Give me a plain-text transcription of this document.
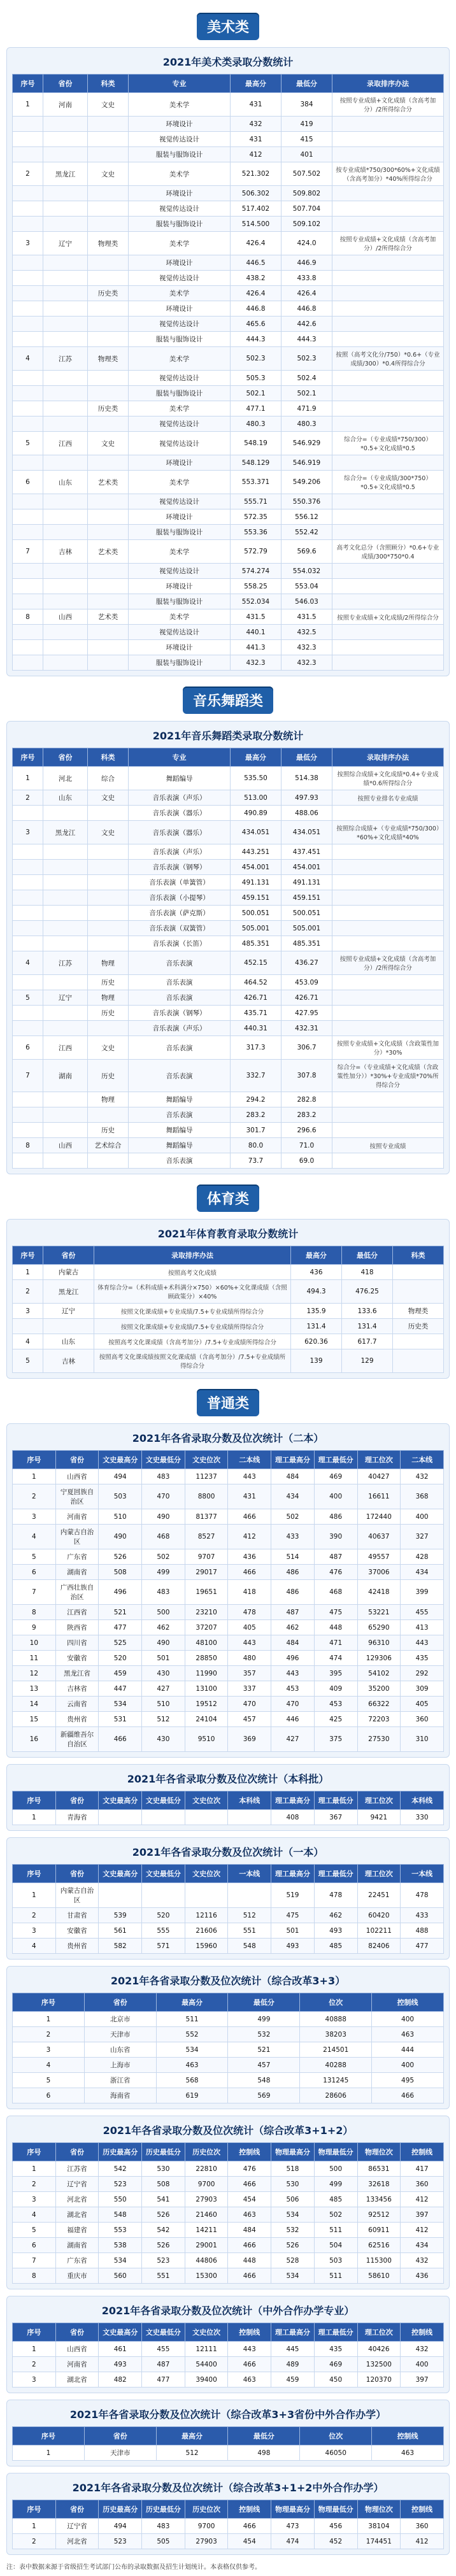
美术类
2021年美术类录取分数统计
序号	省份	科类	专业	最高分	最低分	录取排序办法
1	河南	文史	美术学	431	384	按照专业成绩+文化成绩（含高考加分）/2所得综合分
			环境设计	432	419	
			视觉传达设计	431	415	
			服装与服饰设计	412	401	
2	黑龙江	文史	美术学	521.302	507.502	按专业成绩*750/300*60%+文化成绩（含高考加分）*40%所得综合分
			环境设计	506.302	509.802	
			视觉传达设计	517.402	507.704	
			服装与服饰设计	514.500	509.102	
3	辽宁	物理类	美术学	426.4	424.0	按照专业成绩+文化成绩（含高考加分）/2所得综合分
			环境设计	446.5	446.9	
			视觉传达设计	438.2	433.8	
		历史类	美术学	426.4	426.4	
			环境设计	446.8	446.8	
			视觉传达设计	465.6	442.6	
			服装与服饰设计	444.3	444.3	
4	江苏	物理类	美术学	502.3	502.3	按照（高考文化分/750）*0.6+（专业成绩/300）*0.4所得综合分
			视觉传达设计	505.3	502.4	
			服装与服饰设计	502.1	502.1	
		历史类	美术学	477.1	471.9	
			视觉传达设计	480.3	480.3	
5	江西	文史	视觉传达设计	548.19	546.929	综合分=（专业成绩*750/300）*0.5+文化成绩*0.5
			环境设计	548.129	546.919	
6	山东	艺术类	美术学	553.371	549.206	综合分=（专业成绩/300*750）*0.5+文化成绩*0.5
			视觉传达设计	555.71	550.376	
			环境设计	572.35	556.12	
			服装与服饰设计	553.36	552.42	
7	吉林	艺术类	美术学	572.79	569.6	高考文化总分（含照顾分）*0.6+专业成绩/300*750*0.4
			视觉传达设计	574.274	554.032	
			环境设计	558.25	553.04	
			服装与服饰设计	552.034	546.03	
8	山西	艺术类	美术学	431.5	431.5	按照专业成绩+文化成绩/2所得综合分
			视觉传达设计	440.1	432.5	
			环境设计	441.3	432.3	
			服装与服饰设计	432.3	432.3	
音乐舞蹈类
2021年音乐舞蹈类录取分数统计
序号	省份	科类	专业	最高分	最低分	录取排序办法
1	河北	综合	舞蹈编导	535.50	514.38	按照综合成绩+文化成绩*0.4+专业成绩*0.6所得综合分
2	山东	文史	音乐表演（声乐）	513.00	497.93	按照专业排名专业成绩
			音乐表演（器乐）	490.89	488.06	
3	黑龙江	文史	音乐表演（器乐）	434.051	434.051	按照综合成绩+（专业成绩*750/300）*60%+文化成绩*40%
			音乐表演（声乐）	443.251	437.451	
			音乐表演（钢琴）	454.001	454.001	
			音乐表演（单簧管）	491.131	491.131	
			音乐表演（小提琴）	459.151	459.151	
			音乐表演（萨克斯）	500.051	500.051	
			音乐表演（双簧管）	505.001	505.001	
			音乐表演（长笛）	485.351	485.351	
4	江苏	物理	音乐表演	452.15	436.27	按照专业成绩+文化成绩（含高考加分）/2所得综合分
		历史	音乐表演	464.52	453.09	
5	辽宁	物理	音乐表演	426.71	426.71	
		历史	音乐表演（钢琴）	435.71	427.95	
			音乐表演（声乐）	440.31	432.31	
6	江西	文史	音乐表演	317.3	306.7	按照专业成绩+文化成绩（含政策性加分）*30%
7	湖南	历史	音乐表演	332.7	307.8	综合分=（专业成绩+文化成绩（含政策性加分））*30%+专业成绩*70%所得综合分
		物理	舞蹈编导	294.2	282.8	
			音乐表演	283.2	283.2	
		历史	舞蹈编导	301.7	296.6	
8	山西	艺术综合	舞蹈编导	80.0	71.0	按照专业成绩
			音乐表演	73.7	69.0	
体育类
2021年体育教育录取分数统计
序号	省份	录取排序办法	最高分	最低分	科类
1	内蒙古	按照高考文化成绩	436	418	
2	黑龙江	体育综合分=（术科成绩+术科满分×750）×60%+文化课成绩（含照顾政策分）×40%	494.3	476.25	
3	辽宁	按照文化课成绩+专业成绩/7.5+专业成绩所得综合分	135.9	133.6	物理类
		按照文化课成绩+专业成绩/7.5+专业成绩所得综合分	131.4	131.4	历史类
4	山东	按照高考文化课成绩（含高考加分）/7.5+专业成绩所得综合分	620.36	617.7	
5	吉林	按照高考文化课成绩按照文化课成绩（含高考加分）/7.5+专业成绩所得综合分	139	129	
普通类
2021年各省录取分数及位次统计（二本）
序号	省份	文史最高分	文史最低分	文史位次	二本线	理工最高分	理工最低分	理工位次	二本线
1	山西省	494	483	11237	443	484	469	40427	432
2	宁夏回族自治区	503	470	8800	431	434	400	16611	368
3	河南省	510	490	81377	466	502	486	172440	400
4	内蒙古自治区	490	468	8527	412	433	390	40637	327
5	广东省	526	502	9707	436	514	487	49557	428
6	湖南省	508	499	29017	466	486	476	37006	434
7	广西壮族自治区	496	483	19651	418	486	468	42418	399
8	江西省	521	500	23210	478	487	475	53221	455
9	陕西省	477	462	37207	405	462	448	65290	413
10	四川省	525	490	48100	443	484	471	96310	443
11	安徽省	520	501	28850	480	496	474	129306	435
12	黑龙江省	459	430	11990	357	443	395	54102	292
13	吉林省	447	427	13100	337	453	409	35200	309
14	云南省	534	510	19512	470	470	453	66322	405
15	贵州省	531	512	24104	457	446	425	72203	360
16	新疆维吾尔自治区	466	430	9510	369	427	375	27530	310
2021年各省录取分数及位次统计（本科批）
序号	省份	文史最高分	文史最低分	文史位次	本科线	理工最高分	理工最低分	理工位次	本科线
1	青海省					408	367	9421	330
2021年各省录取分数及位次统计（一本）
序号	省份	文史最高分	文史最低分	文史位次	一本线	理工最高分	理工最低分	理工位次	一本线
1	内蒙古自治区					519	478	22451	478
2	甘肃省	539	520	12116	512	475	462	60420	433
3	安徽省	561	555	21606	551	501	493	102211	488
4	贵州省	582	571	15960	548	493	485	82406	477
2021年各省录取分数及位次统计（综合改革3+3）
序号	省份	最高分	最低分	位次	控制线
1	北京市	511	499	40888	400
2	天津市	552	532	38203	463
3	山东省	534	521	214501	444
4	上海市	463	457	40288	400
5	浙江省	568	548	131245	495
6	海南省	619	569	28606	466
2021年各省录取分数及位次统计（综合改革3+1+2）
序号	省份	历史最高分	历史最低分	历史位次	控制线	物理最高分	物理最低分	物理位次	控制线
1	江苏省	542	530	22810	476	518	500	86531	417
2	辽宁省	523	508	9700	466	530	499	32618	360
3	河北省	550	541	27903	454	506	485	133456	412
4	湖北省	548	526	21460	463	534	502	92512	397
5	福建省	553	542	14211	484	532	511	60911	412
6	湖南省	538	526	29001	466	526	504	62516	434
7	广东省	534	523	44806	448	528	503	115300	432
8	重庆市	560	551	15300	466	534	511	58610	436
2021年各省录取分数及位次统计（中外合作办学专业）
序号	省份	文史最高分	文史最低分	文史位次	控制线	理工最高分	理工最低分	理工位次	控制线
1	山西省	461	455	12111	443	445	435	40426	432
2	河南省	493	487	54400	466	489	469	132500	400
3	湖北省	482	477	39400	463	459	450	120370	397
2021年各省录取分数及位次统计（综合改革3+3省份中外合作办学）
序号	省份	最高分	最低分	位次	控制线
1	天津市	512	498	46050	463
2021年各省录取分数及位次统计（综合改革3+1+2中外合作办学）
序号	省份	历史最高分	历史最低分	历史位次	控制线	物理最高分	物理最低分	物理位次	控制线
1	辽宁省	494	483	9700	466	473	456	38104	360
2	河北省	523	505	27903	454	474	452	174451	412
注：表中数据来源于省级招生考试部门公布的录取数据及招生计划统计。本表格仅供参考。
